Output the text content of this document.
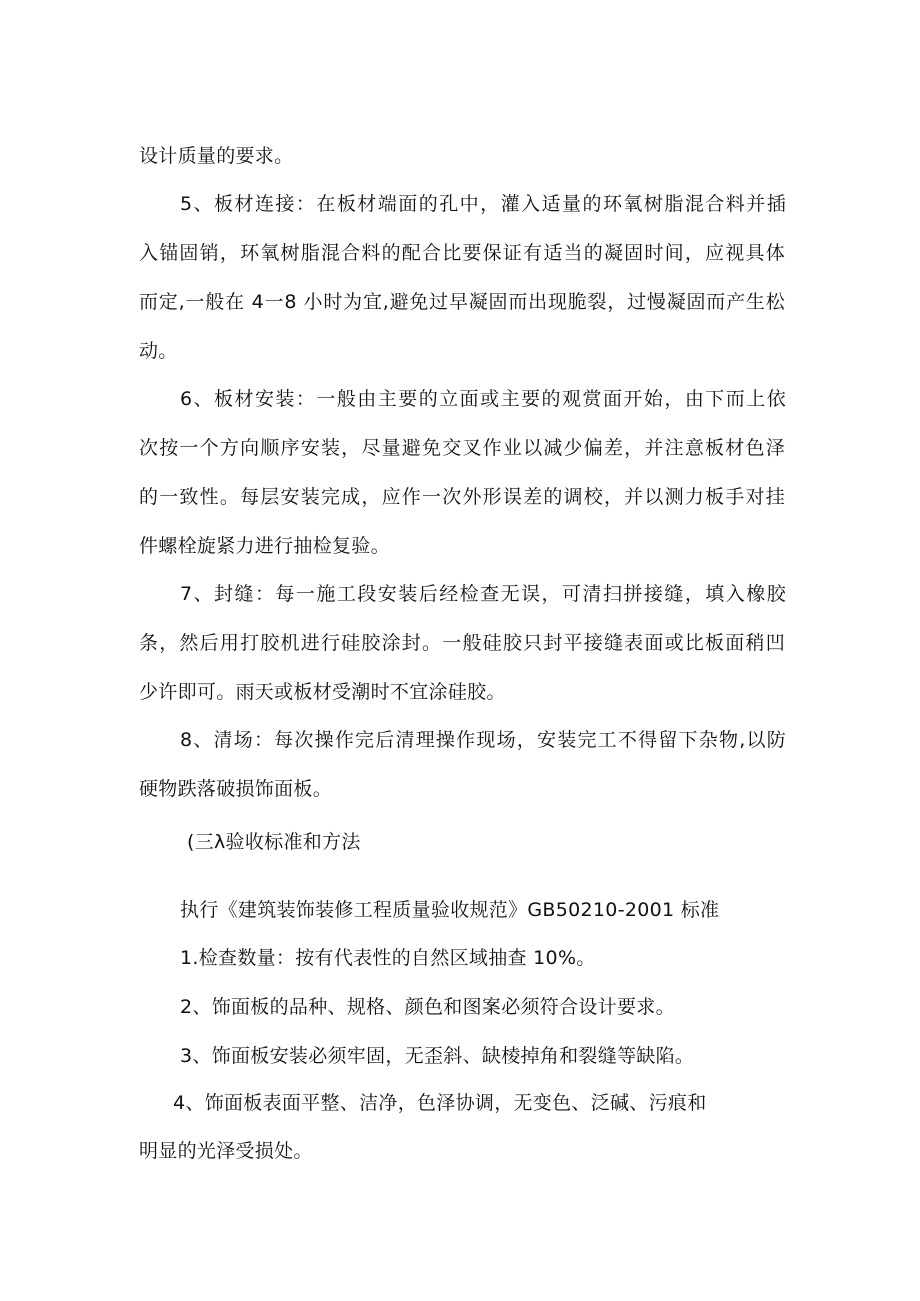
设计质量的要求。
5、板材连接：在板材端面的孔中，灌入适量的环氧树脂混合料并插
入锚固销，环氧树脂混合料的配合比要保证有适当的凝固时间，应视具体
而定,一般在 4一8 小时为宜,避免过早凝固而出现脆裂，过慢凝固而产生松
动。
6、板材安装：一般由主要的立面或主要的观赏面开始，由下而上依
次按一个方向顺序安装，尽量避免交叉作业以减少偏差，并注意板材色泽
的一致性。每层安装完成，应作一次外形误差的调校，并以测力板手对挂
件螺栓旋紧力进行抽检复验。
7、封缝：每一施工段安装后经检查无误，可清扫拼接缝，填入橡胶
条，然后用打胶机进行硅胶涂封。一般硅胶只封平接缝表面或比板面稍凹
少许即可。雨天或板材受潮时不宜涂硅胶。
8、清场：每次操作完后清理操作现场，安装完工不得留下杂物,以防
硬物跌落破损饰面板。
(三λ验收标准和方法
执行《建筑装饰装修工程质量验收规范》GB50210-2001 标准
1.检查数量：按有代表性的自然区域抽查 10%。
2、饰面板的品种、规格、颜色和图案必须符合设计要求。
3、饰面板安装必须牢固，无歪斜、缺棱掉角和裂缝等缺陷。
4、饰面板表面平整、洁净，色泽协调，无变色、泛碱、污痕和
明显的光泽受损处。
